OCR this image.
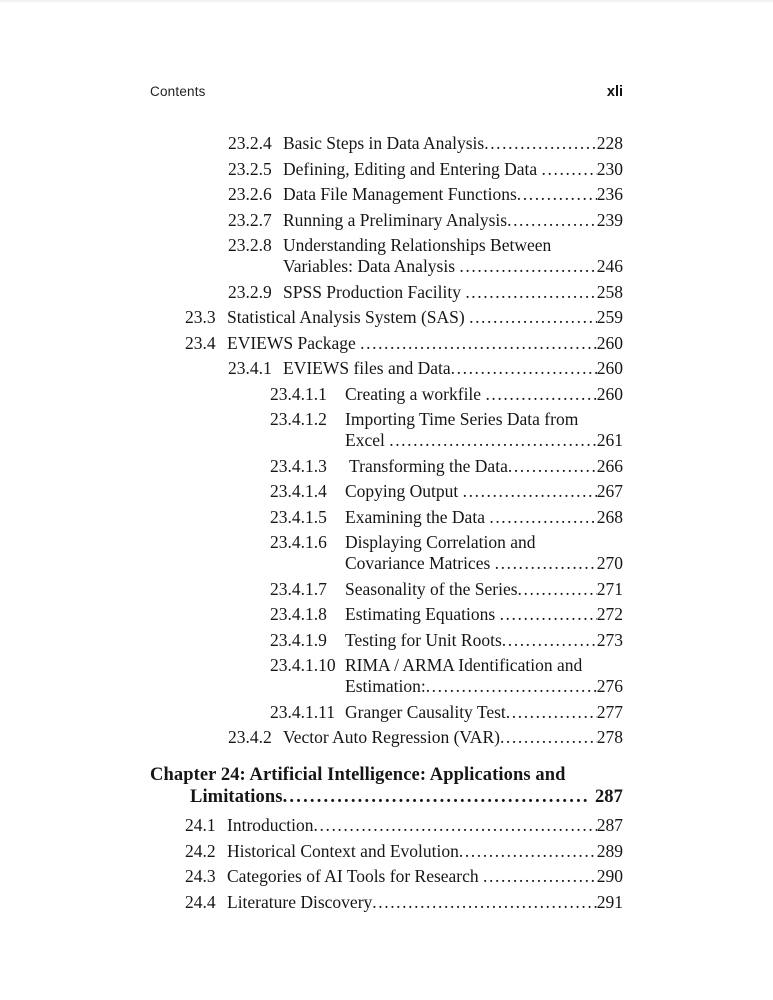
Contents	xli
23.2.4 Basic Steps in Data Analysis .....	228
23.2.5 Defining, Editing and Entering Data .....	230
23.2.6 Data File Management Functions .....	236
23.2.7 Running a Preliminary Analysis .....	239
23.2.8 Understanding Relationships Between
Variables: Data Analysis .....	246
23.2.9 SPSS Production Facility .....	258
23.3 Statistical Analysis System (SAS) .....	259
23.4 EVIEWS Package .....	260
23.4.1 EVIEWS files and Data .....	260
23.4.1.1	Creating a workfile .....	260
23.4.1.2	Importing Time Series Data from
Excel .....	261
23.4.1.3	Transforming the Data .....	266
23.4.1.4	Copying Output .....	267
23.4.1.5	Examining the Data .....	268
23.4.1.6	Displaying Correlation and
Covariance Matrices .....	270
23.4.1.7	Seasonality of the Series .....	271
23.4.1.8	Estimating Equations .....	272
23.4.1.9	Testing for Unit Roots .....	273
23.4.1.10 RIMA / ARMA Identification and
Estimation: .....	276
23.4.1.11 Granger Causality Test .....	277
23.4.2 Vector Auto Regression (VAR) .....	278
Chapter 24: Artificial Intelligence: Applications and
Limitations .....	287
24.1 Introduction .....	287
24.2 Historical Context and Evolution .....	289
24.3 Categories of AI Tools for Research .....	290
24.4 Literature Discovery .....	291
